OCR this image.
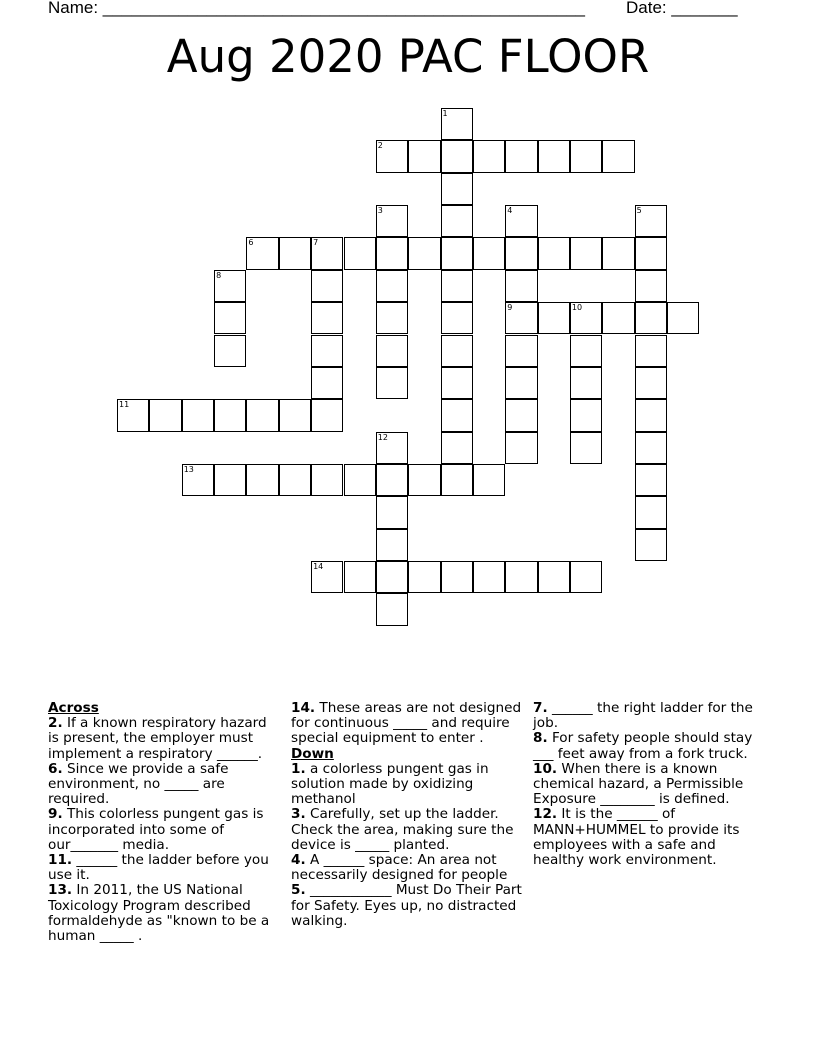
Name: ___________________________________________________ Date: _______
Aug 2020 PAC FLOOR
1
2
3	4
9
5
6	7
8
10
11
12
13
14
Across
2. If a known respiratory hazard is present, the employer must implement a respiratory ______.
6. Since we provide a safe environment, no _____ are required.
9. This colorless pungent gas is incorporated into some of our_______ media.
11. ______ the ladder before you use it.
13. In 2011, the US National Toxicology Program described formaldehyde as "known to be a human _____ .
14. These areas are not designed for continuous _____ and require special equipment to enter .
Down
1. a colorless pungent gas in solution made by oxidizing methanol
3. Carefully, set up the ladder. Check the area, making sure the device is _____ planted.
4. A ______ space: An area not necessarily designed for people
5. ____________ Must Do Their Part for Safety. Eyes up, no distracted walking.
7. ______ the right ladder for the job.
8. For safety people should stay ___ feet away from a fork truck.
10. When there is a known chemical hazard, a Permissible Exposure ________ is defined.
12. It is the ______ of MANN+HUMMEL to provide its employees with a safe and healthy work environment.
